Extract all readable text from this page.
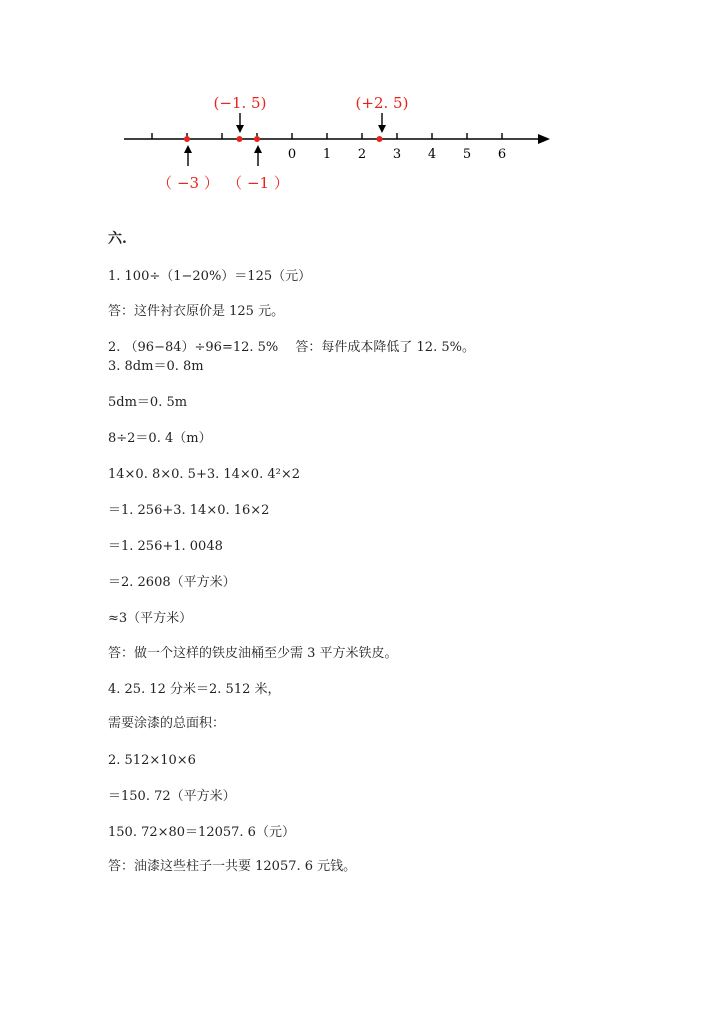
0 1 2 3 4 5 6
(−1. 5)	(+2. 5)
（ −3 ） （ −1 ）
六.
1. 100÷（1−20%）＝125（元）
答：这件衬衣原价是 125 元。
2. （96−84）÷96=12. 5%　 答：每件成本降低了 12. 5%。
3. 8dm＝0. 8m
5dm＝0. 5m
8÷2＝0. 4（m）
14×0. 8×0. 5+3. 14×0. 4²×2
＝1. 256+3. 14×0. 16×2
＝1. 256+1. 0048
＝2. 2608（平方米）
≈3（平方米）
答：做一个这样的铁皮油桶至少需 3 平方米铁皮。
4. 25. 12 分米＝2. 512 米，
需要涂漆的总面积：
2. 512×10×6
＝150. 72（平方米）
150. 72×80＝12057. 6（元）
答：油漆这些柱子一共要 12057. 6 元钱。
